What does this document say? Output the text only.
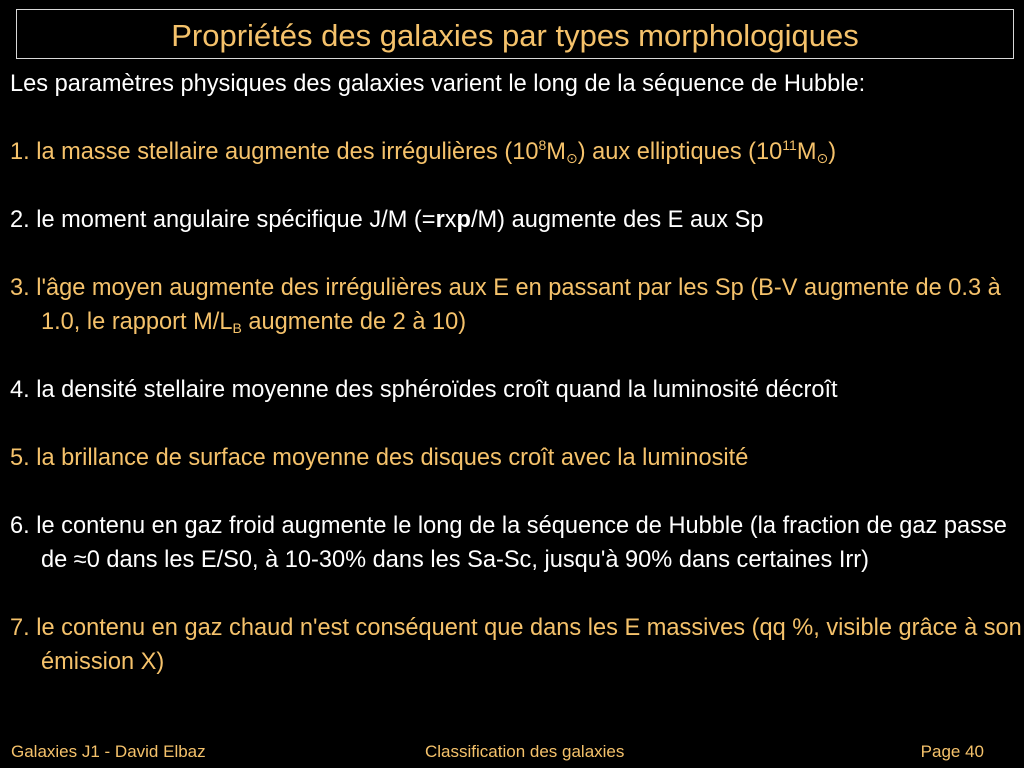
Propriétés des galaxies par types morphologiques

Les paramètres physiques des galaxies varient le long de la séquence de Hubble:

1. la masse stellaire augmente des irrégulières $(10^8M_⊙)$ aux elliptiques $(10^{11}M_⊙)$

2. le moment angulaire spécifique J/M (=rxp/M) augmente des E aux Sp

3. l'âge moyen augmente des irrégulières aux E en passant par les Sp (B-V augmente de 0.3 à 1.0, le rapport $M/L_B$ augmente de 2 à 10)

4. la densité stellaire moyenne des sphéroïdes croît quand la luminosité décroît

5. la brillance de surface moyenne des disques croît avec la luminosité

6. le contenu en gaz froid augmente le long de la séquence de Hubble (la fraction de gaz passe de ≈0 dans les E/S0, à 10-30% dans les Sa-Sc, jusqu'à 90% dans certaines Irr)

7. le contenu en gaz chaud n'est conséquent que dans les E massives (qq %, visible grâce à son émission X)

Galaxies J1 - David Elbaz	Classification des galaxies	Page 40
